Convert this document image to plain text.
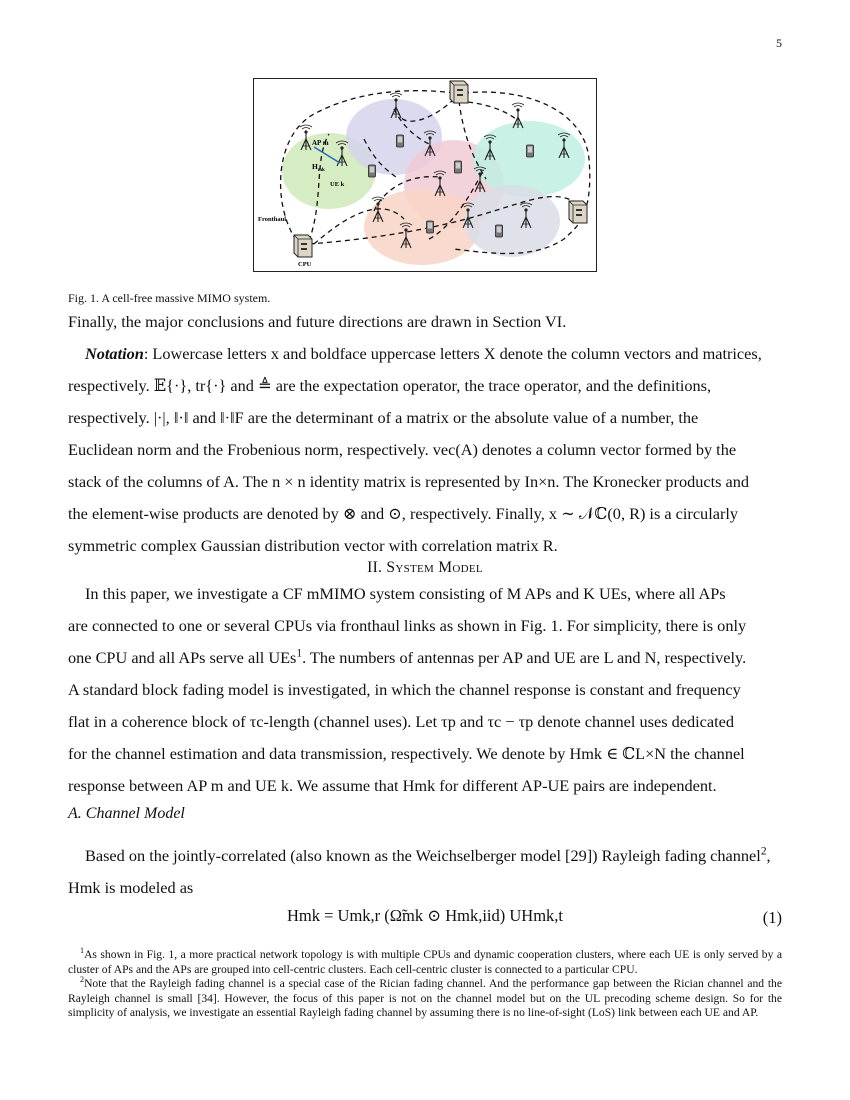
5
AP m
$H_{mk}$
UE k
Fronthaul
CPU
Fig. 1. A cell-free massive MIMO system.

Finally, the major conclusions and future directions are drawn in Section VI.

Notation: Lowercase letters x and boldface uppercase letters X denote the column vectors and matrices,

respectively. 𝔼{·}, tr{·} and ≜ are the expectation operator, the trace operator, and the definitions,

respectively. |·|, ‖·‖ and ‖·‖F are the determinant of a matrix or the absolute value of a number, the

Euclidean norm and the Frobenious norm, respectively. vec(A) denotes a column vector formed by the

stack of the columns of A. The n × n identity matrix is represented by In×n. The Kronecker products and

the element-wise products are denoted by ⊗ and ⊙, respectively. Finally, x ∼ 𝒩ℂ(0, R) is a circularly

symmetric complex Gaussian distribution vector with correlation matrix R.

II. System Model

In this paper, we investigate a CF mMIMO system consisting of M APs and K UEs, where all APs

are connected to one or several CPUs via fronthaul links as shown in Fig. 1. For simplicity, there is only

one CPU and all APs serve all UEs$^1$. The numbers of antennas per AP and UE are L and N, respectively.

A standard block fading model is investigated, in which the channel response is constant and frequency

flat in a coherence block of τc-length (channel uses). Let τp and τc − τp denote channel uses dedicated

for the channel estimation and data transmission, respectively. We denote by Hmk ∈ ℂL×N the channel

response between AP m and UE k. We assume that Hmk for different AP-UE pairs are independent.

A. Channel Model

Based on the jointly-correlated (also known as the Weichselberger model [29]) Rayleigh fading channel$^2$,

Hmk is modeled as

Hmk = Umk,r (Ω̃mk ⊙ Hmk,iid) UHmk,t	(1)

$^1$As shown in Fig. 1, a more practical network topology is with multiple CPUs and dynamic cooperation clusters, where each UE is only served by a cluster of APs and the APs are grouped into cell-centric clusters. Each cell-centric cluster is connected to a particular CPU.

$^2$Note that the Rayleigh fading channel is a special case of the Rician fading channel. And the performance gap between the Rician channel and the Rayleigh channel is small [34]. However, the focus of this paper is not on the channel model but on the UL precoding scheme design. So for the simplicity of analysis, we investigate an essential Rayleigh fading channel by assuming there is no line-of-sight (LoS) link between each UE and AP.
